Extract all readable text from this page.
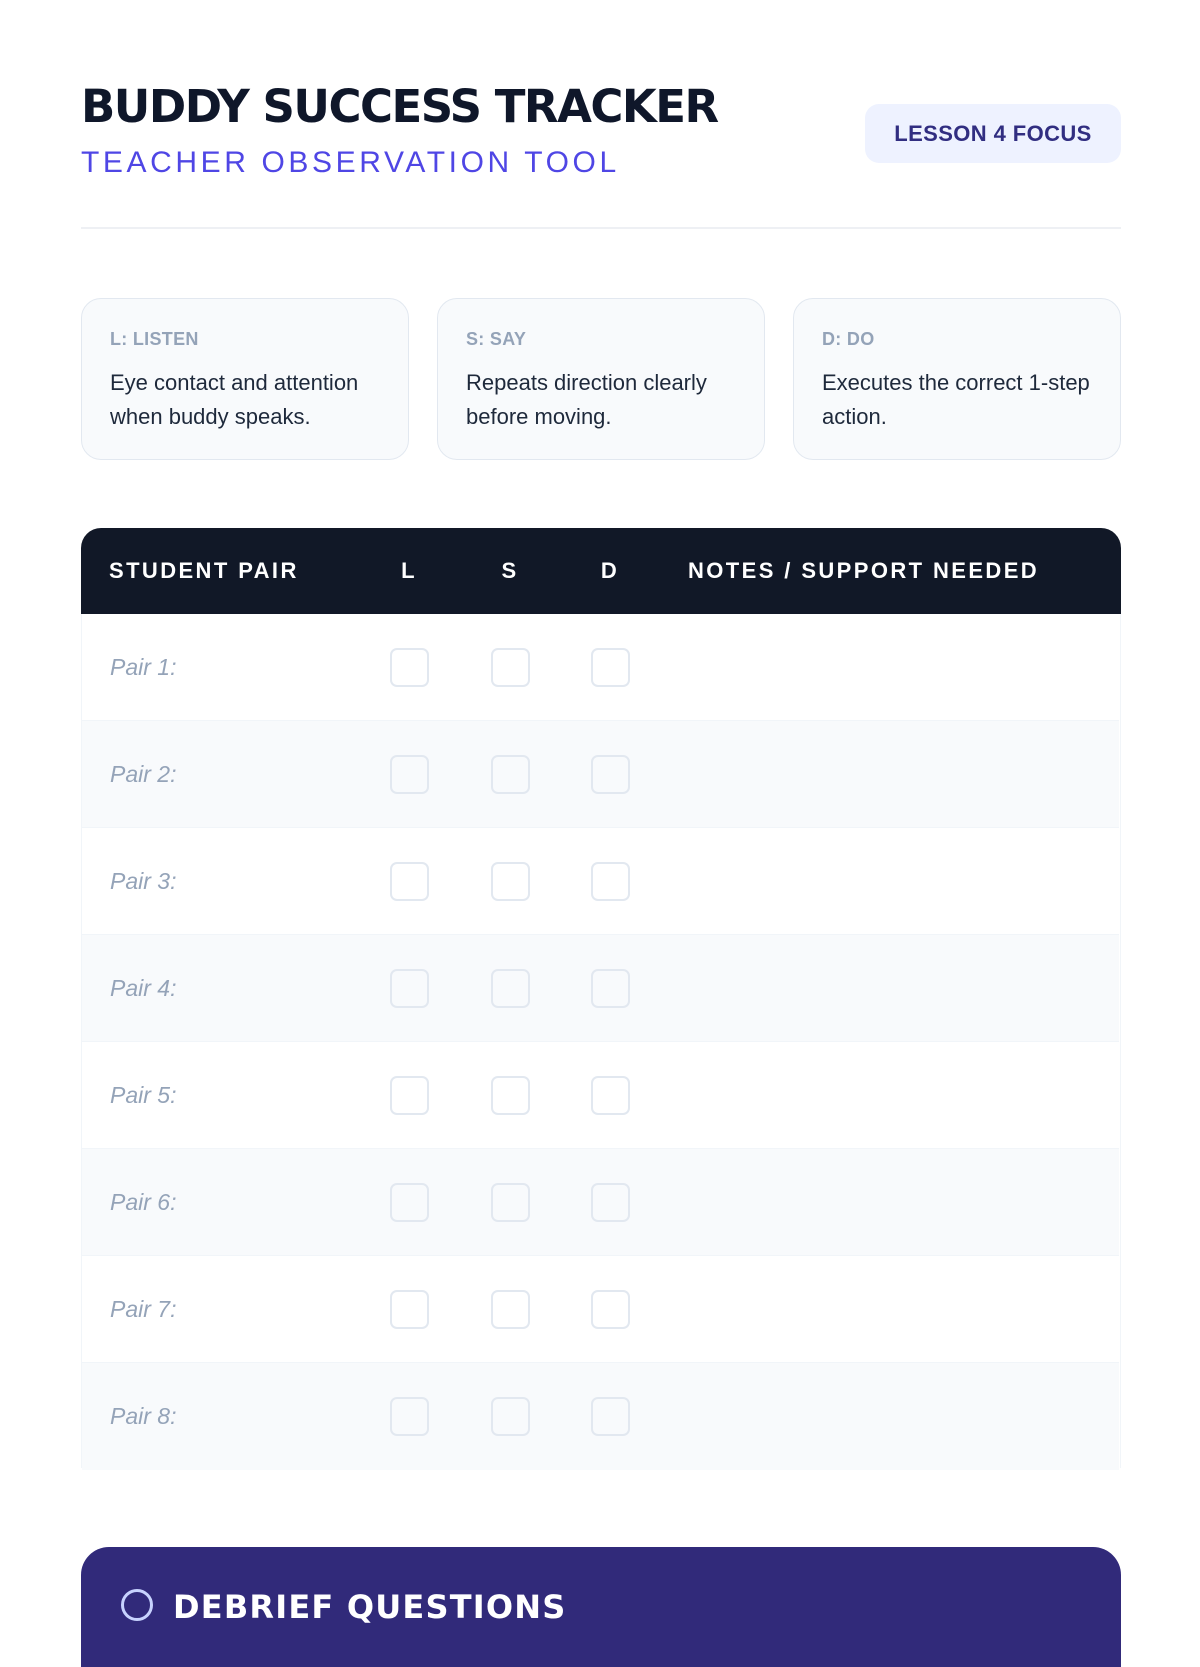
BUDDY SUCCESS TRACKER
TEACHER OBSERVATION TOOL
LESSON 4 FOCUS
L: LISTEN
Eye contact and attention when buddy speaks.
S: SAY
Repeats direction clearly before moving.
D: DO
Executes the correct 1-step action.
STUDENT PAIR	L	S	D	NOTES / SUPPORT NEEDED
Pair 1:
Pair 2:
Pair 3:
Pair 4:
Pair 5:
Pair 6:
Pair 7:
Pair 8:
DEBRIEF QUESTIONS
